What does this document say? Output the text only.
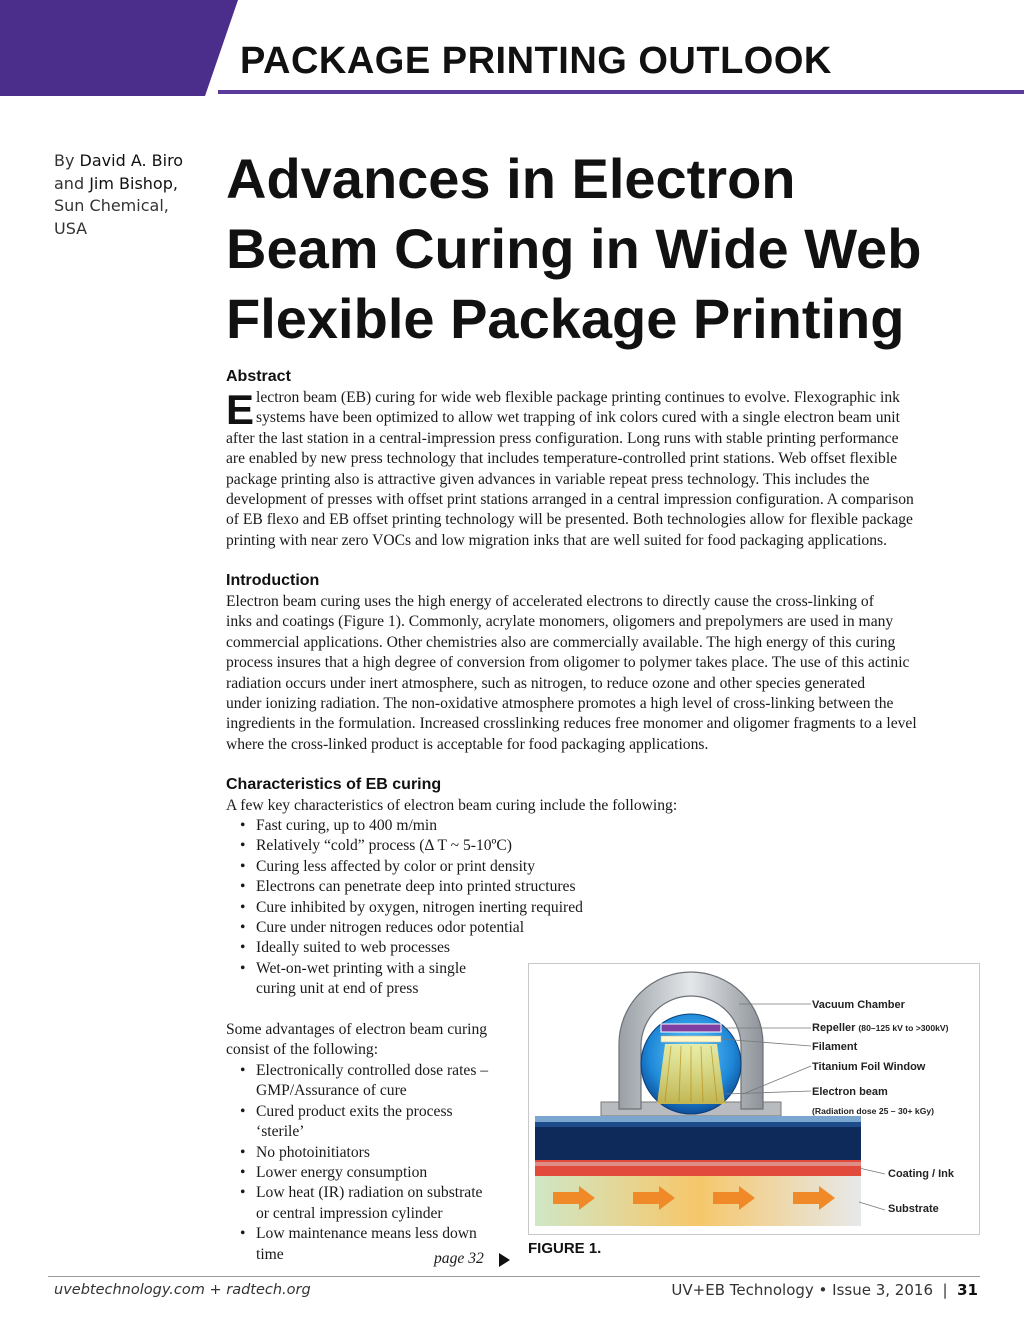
PACKAGE PRINTING OUTLOOK
By David A. Biro
and Jim Bishop,
Sun Chemical,
USA
Advances in Electron
Beam Curing in Wide Web
Flexible Package Printing
Abstract
E lectron beam (EB) curing for wide web flexible package printing continues to evolve. Flexographic ink
systems have been optimized to allow wet trapping of ink colors cured with a single electron beam unit
after the last station in a central-impression press configuration. Long runs with stable printing performance
are enabled by new press technology that includes temperature-controlled print stations. Web offset flexible
package printing also is attractive given advances in variable repeat press technology. This includes the
development of presses with offset print stations arranged in a central impression configuration. A comparison
of EB flexo and EB offset printing technology will be presented. Both technologies allow for flexible package
printing with near zero VOCs and low migration inks that are well suited for food packaging applications.
Introduction
Electron beam curing uses the high energy of accelerated electrons to directly cause the cross-linking of
inks and coatings (Figure 1). Commonly, acrylate monomers, oligomers and prepolymers are used in many
commercial applications. Other chemistries also are commercially available. The high energy of this curing
process insures that a high degree of conversion from oligomer to polymer takes place. The use of this actinic
radiation occurs under inert atmosphere, such as nitrogen, to reduce ozone and other species generated
under ionizing radiation. The non-oxidative atmosphere promotes a high level of cross-linking between the
ingredients in the formulation. Increased crosslinking reduces free monomer and oligomer fragments to a level
where the cross-linked product is acceptable for food packaging applications.
Characteristics of EB curing
A few key characteristics of electron beam curing include the following:
• Fast curing, up to 400 m/min
• Relatively “cold” process (Δ T ~ 5-10ºC)
• Curing less affected by color or print density
• Electrons can penetrate deep into printed structures
• Cure inhibited by oxygen, nitrogen inerting required
• Cure under nitrogen reduces odor potential
• Ideally suited to web processes
• Wet-on-wet printing with a single
curing unit at end of press
Some advantages of electron beam curing
consist of the following:
• Electronically controlled dose rates –
GMP/Assurance of cure
• Cured product exits the process
‘sterile’
• No photoinitiators
• Lower energy consumption
• Low heat (IR) radiation on substrate
or central impression cylinder
• Low maintenance means less down
time	page 32
Vacuum Chamber
Repeller (80–125 kV to >300kV)
Filament
Titanium Foil Window
Electron beam
(Radiation dose 25 – 30+ kGy)
Coating / Ink
Substrate
FIGURE 1.
uvebtechnology.com + radtech.org	UV+EB Technology • Issue 3, 2016  |  31
